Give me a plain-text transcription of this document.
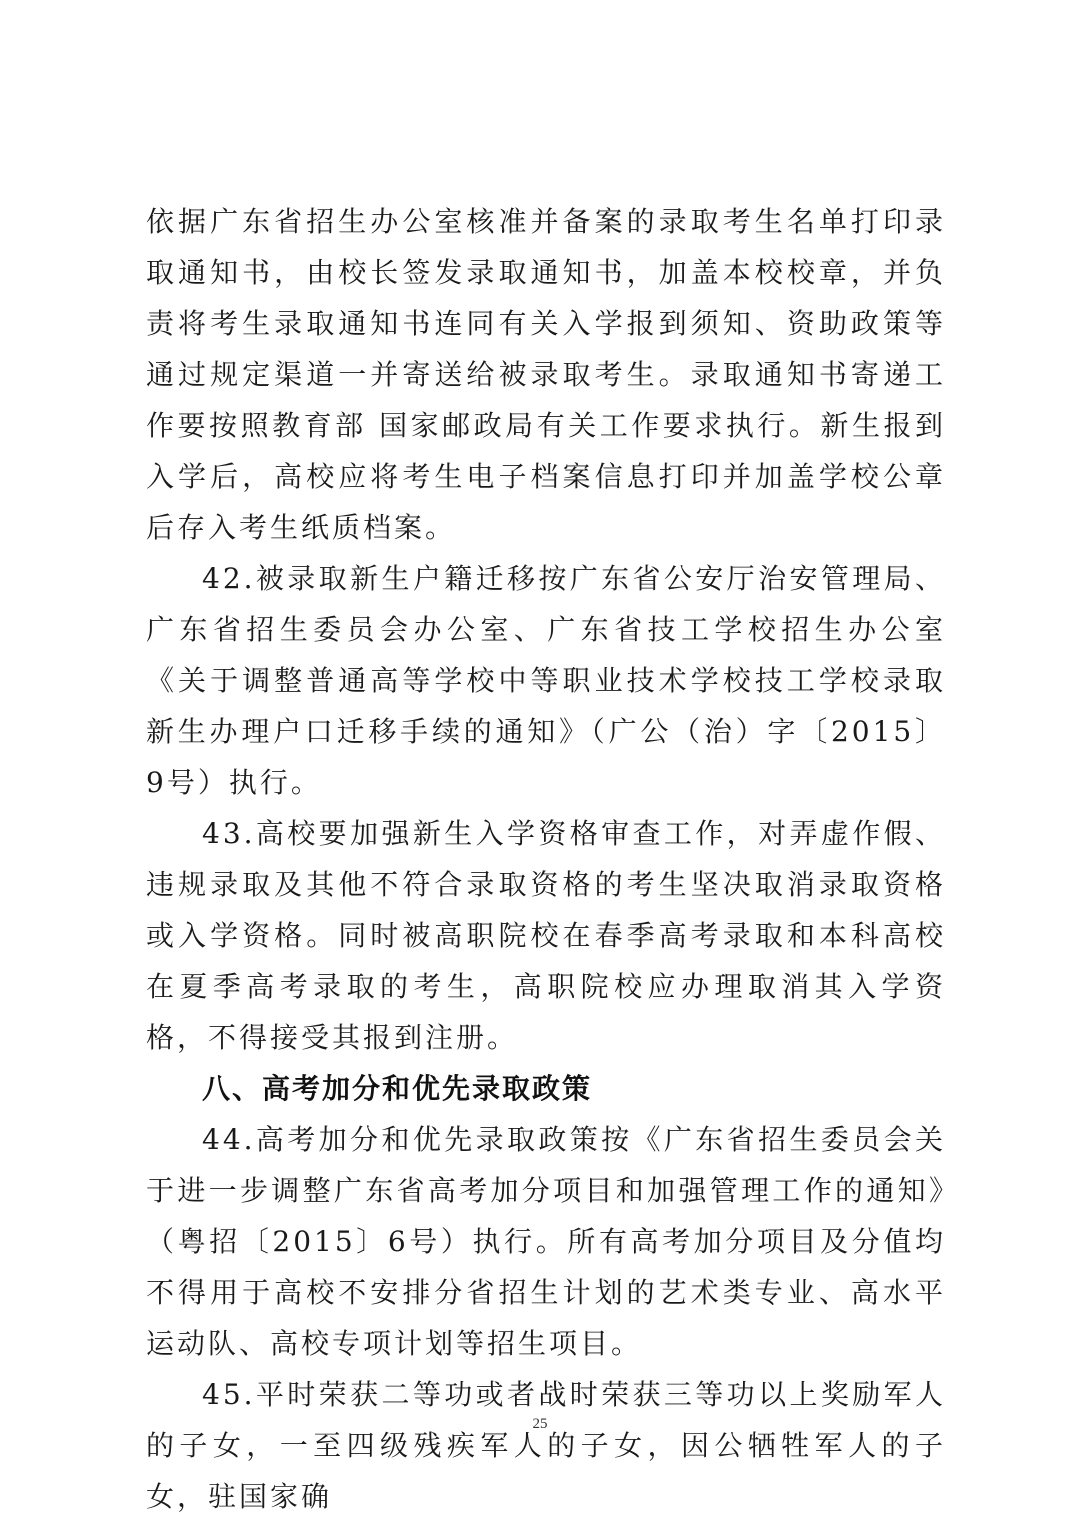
依据广东省招生办公室核准并备案的录取考生名单打印录取通知书，由校长签发录取通知书，加盖本校校章，并负责将考生录取通知书连同有关入学报到须知、资助政策等通过规定渠道一并寄送给被录取考生。录取通知书寄递工作要按照教育部 国家邮政局有关工作要求执行。新生报到入学后，高校应将考生电子档案信息打印并加盖学校公章后存入考生纸质档案。

42.被录取新生户籍迁移按广东省公安厅治安管理局、广东省招生委员会办公室、广东省技工学校招生办公室《关于调整普通高等学校中等职业技术学校技工学校录取新生办理户口迁移手续的通知》（广公（治）字〔2015〕9号）执行。

43.高校要加强新生入学资格审查工作，对弄虚作假、违规录取及其他不符合录取资格的考生坚决取消录取资格或入学资格。同时被高职院校在春季高考录取和本科高校在夏季高考录取的考生，高职院校应办理取消其入学资格，不得接受其报到注册。

八、高考加分和优先录取政策

44.高考加分和优先录取政策按《广东省招生委员会关于进一步调整广东省高考加分项目和加强管理工作的通知》（粤招〔2015〕6号）执行。所有高考加分项目及分值均不得用于高校不安排分省招生计划的艺术类专业、高水平运动队、高校专项计划等招生项目。

45.平时荣获二等功或者战时荣获三等功以上奖励军人的子女，一至四级残疾军人的子女，因公牺牲军人的子女，驻国家确

25
